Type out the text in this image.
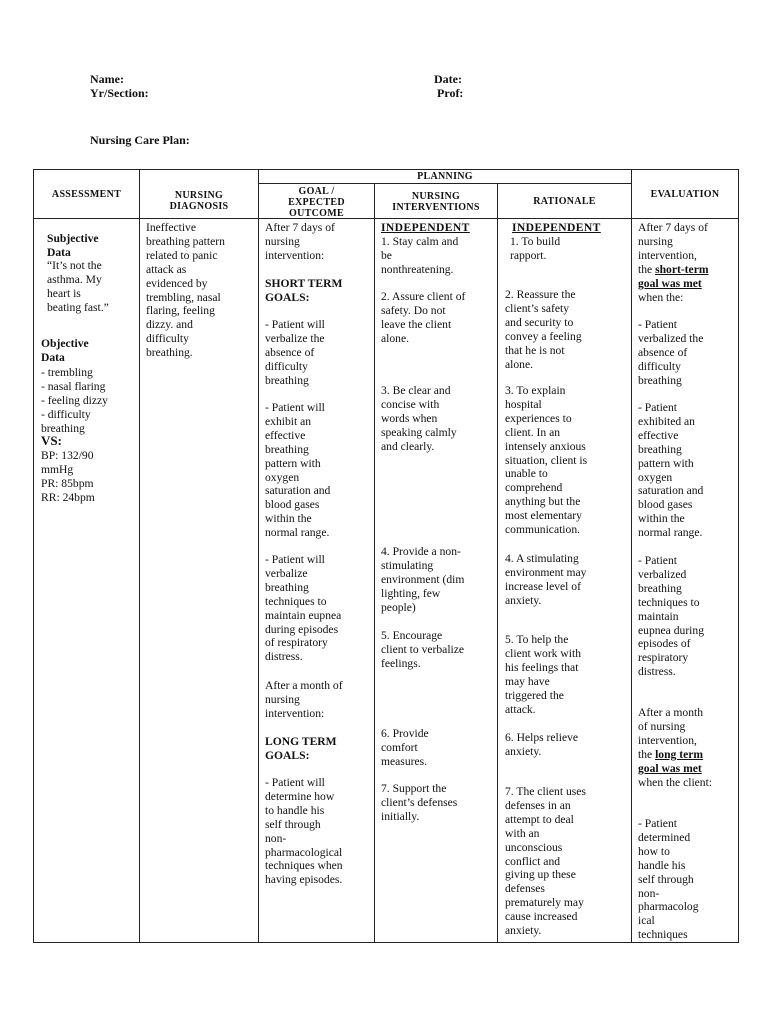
Name:
Yr/Section:
Date:
Prof:
Nursing Care Plan:
ASSESSMENT	NURSING
DIAGNOSIS
PLANNING
GOAL /
EXPECTED
OUTCOME
NURSING
INTERVENTIONS
RATIONALE
EVALUATION
Subjective
Data
“It’s not the
asthma. My
heart is
beating fast.”
Objective
Data
- trembling
- nasal flaring
- feeling dizzy
- difficulty
breathing
VS:
BP: 132/90
mmHg
PR: 85bpm
RR: 24bpm
Ineffective
breathing pattern
related to panic
attack as
evidenced by
trembling, nasal
flaring, feeling
dizzy. and
difficulty
breathing.
After 7 days of
nursing
intervention:
SHORT TERM
GOALS:
- Patient will
verbalize the
absence of
difficulty
breathing
- Patient will
exhibit an
effective
breathing
pattern with
oxygen
saturation and
blood gases
within the
normal range.
- Patient will
verbalize
breathing
techniques to
maintain eupnea
during episodes
of respiratory
distress.
After a month of
nursing
intervention:
LONG TERM
GOALS:
- Patient will
determine how
to handle his
self through
non-
pharmacological
techniques when
having episodes.
INDEPENDENT
1. Stay calm and
be
nonthreatening.
2. Assure client of
safety. Do not
leave the client
alone.
3. Be clear and
concise with
words when
speaking calmly
and clearly.
4. Provide a non-
stimulating
environment (dim
lighting, few
people)
5. Encourage
client to verbalize
feelings.
6. Provide
comfort
measures.
7. Support the
client’s defenses
initially.
INDEPENDENT
1. To build
rapport.
2. Reassure the
client’s safety
and security to
convey a feeling
that he is not
alone.
3. To explain
hospital
experiences to
client. In an
intensely anxious
situation, client is
unable to
comprehend
anything but the
most elementary
communication.
4. A stimulating
environment may
increase level of
anxiety.
5. To help the
client work with
his feelings that
may have
triggered the
attack.
6. Helps relieve
anxiety.
7. The client uses
defenses in an
attempt to deal
with an
unconscious
conflict and
giving up these
defenses
prematurely may
cause increased
anxiety.
After 7 days of
nursing
intervention,
the short-term
goal was met
when the:
- Patient
verbalized the
absence of
difficulty
breathing
- Patient
exhibited an
effective
breathing
pattern with
oxygen
saturation and
blood gases
within the
normal range.
- Patient
verbalized
breathing
techniques to
maintain
eupnea during
episodes of
respiratory
distress.
After a month
of nursing
intervention,
the long term
goal was met
when the client:
- Patient
determined
how to
handle his
self through
non-
pharmacolog
ical
techniques
